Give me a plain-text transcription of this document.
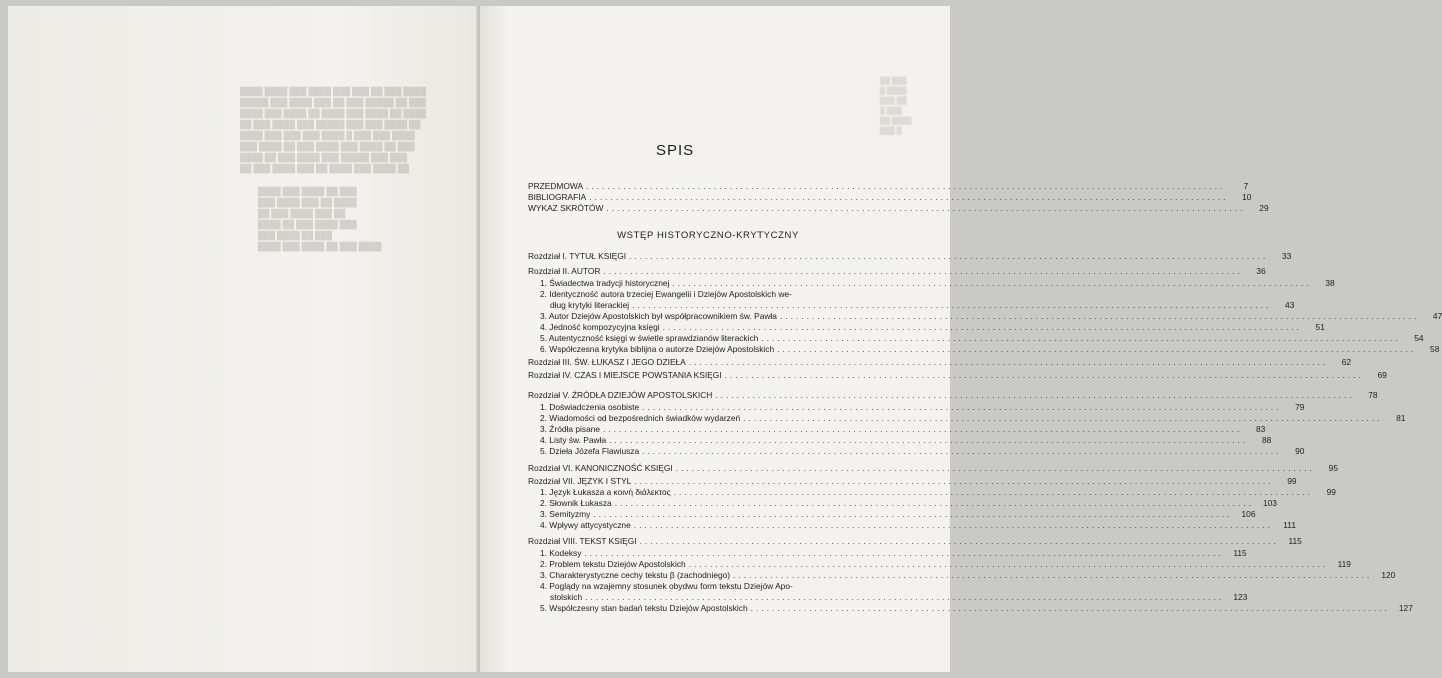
████ ████ ███ ████ ███ ███ ██ ███ ████
█████ ███ ████ ███ ██ ███ █████ ██ ███
████ ███ ████ ██ ████ ███ ████ ██ ████
██ ███ ████ ███ █████ ███ ███ ████ ██
████ ███ ███ ███ ████ █ ███ ███ ████
███ ████ ██ ███ ████ ███ ████ ██ ███
████ ██ ███ ████ ███ █████ ███ ███
██ ███ ████ ███ ██ ████ ███ ████ ██
████ ███ ████ ██ ███
███ ████ ███ ██ ████
██ ███ ████ ███ ██
████ ██ ███ ████ ███
███ ████ ██ ███
████ ███ ████ ██ ███ ████
██ ███
█ ████
███ ██
█ ███
██ ████
███ █
SPIS
PRZEDMOWA ........................................................................................................................	7
BIBLIOGRAFIA ........................................................................................................................	10
WYKAZ SKRÓTÓW ........................................................................................................................	29
WSTĘP HISTORYCZNO-KRYTYCZNY
Rozdział I. TYTUŁ KSIĘGI ........................................................................................................................	33
Rozdział II. AUTOR ........................................................................................................................	36
1. Świadectwa tradycji historycznej ........................................................................................................................	38
2. Identyczność autora trzeciej Ewangelii i Dziejów Apostolskich we-
dług krytyki literackiej ........................................................................................................................	43
3. Autor Dziejów Apostolskich był współpracownikiem św. Pawła ........................................................................................................................	47
4. Jedność kompozycyjna księgi ........................................................................................................................	51
5. Autentyczność księgi w świetle sprawdzianów literackich ........................................................................................................................	54
6. Współczesna krytyka biblijna o autorze Dziejów Apostolskich ........................................................................................................................	58
Rozdział III. ŚW. ŁUKASZ I JEGO DZIEŁA ........................................................................................................................	62
Rozdział IV. CZAS I MIEJSCE POWSTANIA KSIĘGI ........................................................................................................................	69
Rozdział V. ŹRÓDŁA DZIEJÓW APOSTOLSKICH ........................................................................................................................	78
1. Doświadczenia osobiste ........................................................................................................................	79
2. Wiadomości od bezpośrednich świadków wydarzeń ........................................................................................................................	81
3. Źródła pisane ........................................................................................................................	83
4. Listy św. Pawła ........................................................................................................................	88
5. Dzieła Józefa Flawiusza ........................................................................................................................	90
Rozdział VI. KANONICZNOŚĆ KSIĘGI ........................................................................................................................	95
Rozdział VII. JĘZYK I STYL ........................................................................................................................	99
1. Język Łukasza a κοινὴ διάλεκτος ........................................................................................................................	99
2. Słownik Łukasza ........................................................................................................................	103
3. Semityzmy ........................................................................................................................	106
4. Wpływy attycystyczne ........................................................................................................................	111
Rozdział VIII. TEKST KSIĘGI ........................................................................................................................	115
1. Kodeksy ........................................................................................................................	115
2. Problem tekstu Dziejów Apostolskich ........................................................................................................................	119
3. Charakterystyczne cechy tekstu β (zachodniego) ........................................................................................................................	120
4. Poglądy na wzajemny stosunek obydwu form tekstu Dziejów Apo-
stolskich ........................................................................................................................	123
5. Współczesny stan badań tekstu Dziejów Apostolskich ........................................................................................................................	127
